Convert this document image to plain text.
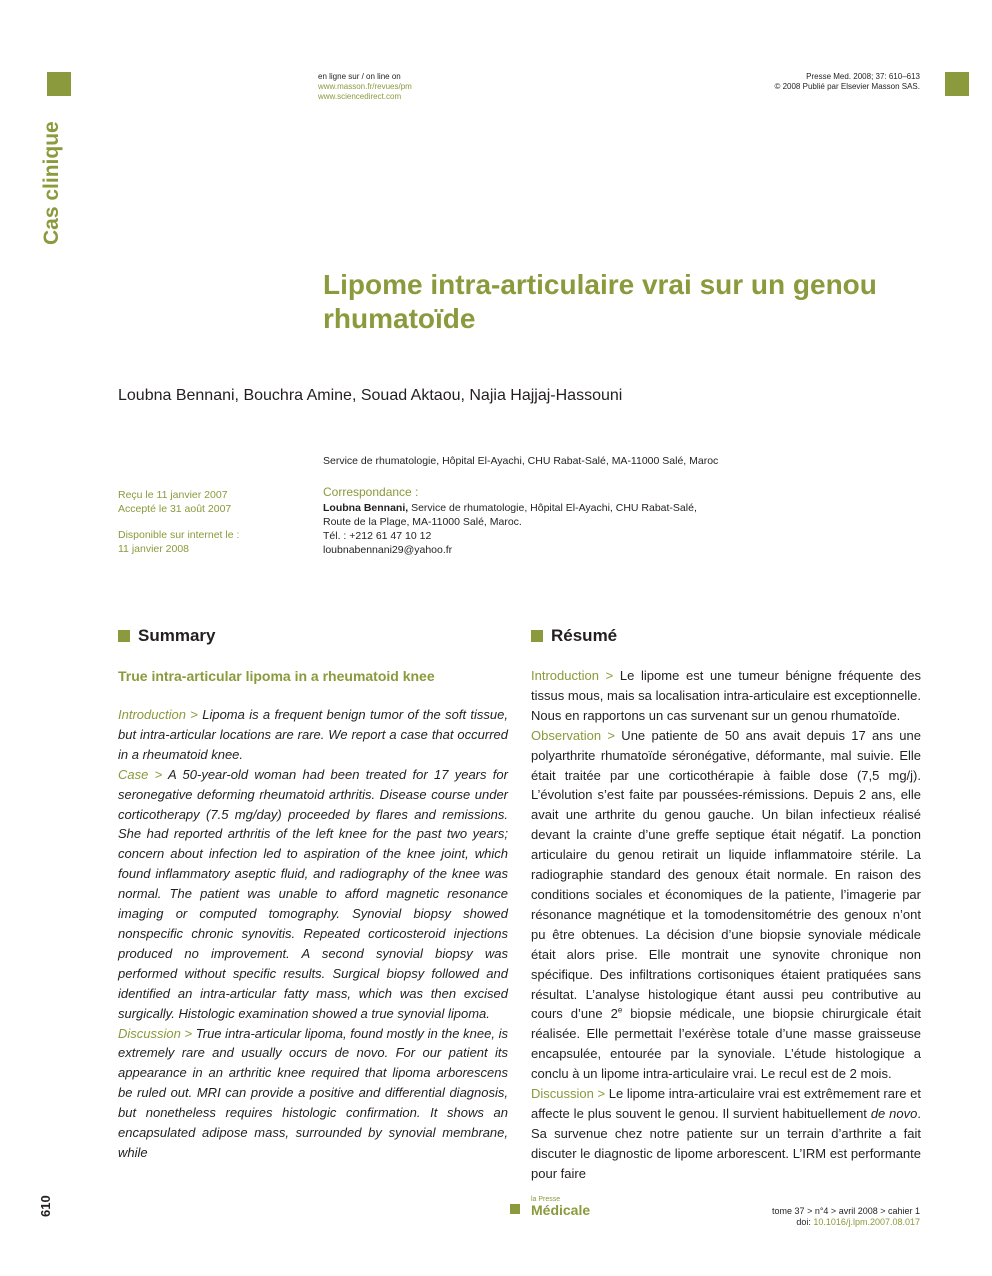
Cas clinique
en ligne sur / on line on
www.masson.fr/revues/pm
www.sciencedirect.com
Presse Med. 2008; 37: 610–613
© 2008 Publié par Elsevier Masson SAS.
Lipome intra-articulaire vrai sur un genou rhumatoïde
Loubna Bennani, Bouchra Amine, Souad Aktaou, Najia Hajjaj-Hassouni
Service de rhumatologie, Hôpital El-Ayachi, CHU Rabat-Salé, MA-11000 Salé, Maroc
Reçu le 11 janvier 2007
Accepté le 31 août 2007
Disponible sur internet le :
11 janvier 2008
Correspondance :
Loubna Bennani, Service de rhumatologie, Hôpital El-Ayachi, CHU Rabat-Salé,
Route de la Plage, MA-11000 Salé, Maroc.
Tél. : +212 61 47 10 12
loubnabennani29@yahoo.fr
Summary
True intra-articular lipoma in a rheumatoid knee

Introduction > Lipoma is a frequent benign tumor of the soft tissue, but intra-articular locations are rare. We report a case that occurred in a rheumatoid knee.

Case > A 50-year-old woman had been treated for 17 years for seronegative deforming rheumatoid arthritis. Disease course under corticotherapy (7.5 mg/day) proceeded by flares and remissions. She had reported arthritis of the left knee for the past two years; concern about infection led to aspiration of the knee joint, which found inflammatory aseptic fluid, and radiography of the knee was normal. The patient was unable to afford magnetic resonance imaging or computed tomography. Synovial biopsy showed nonspecific chronic synovitis. Repeated corticosteroid injections produced no improvement. A second synovial biopsy was performed without specific results. Surgical biopsy followed and identified an intra-articular fatty mass, which was then excised surgically. Histologic examination showed a true synovial lipoma.

Discussion > True intra-articular lipoma, found mostly in the knee, is extremely rare and usually occurs de novo. For our patient its appearance in an arthritic knee required that lipoma arborescens be ruled out. MRI can provide a positive and differential diagnosis, but nonetheless requires histologic confirmation. It shows an encapsulated adipose mass, surrounded by synovial membrane, while

Résumé

Introduction > Le lipome est une tumeur bénigne fréquente des tissus mous, mais sa localisation intra-articulaire est exceptionnelle. Nous en rapportons un cas survenant sur un genou rhumatoïde.

Observation > Une patiente de 50 ans avait depuis 17 ans une polyarthrite rhumatoïde séronégative, déformante, mal suivie. Elle était traitée par une corticothérapie à faible dose (7,5 mg/j). L’évolution s’est faite par poussées-rémissions. Depuis 2 ans, elle avait une arthrite du genou gauche. Un bilan infectieux réalisé devant la crainte d’une greffe septique était négatif. La ponction articulaire du genou retirait un liquide inflammatoire stérile. La radiographie standard des genoux était normale. En raison des conditions sociales et économiques de la patiente, l’imagerie par résonance magnétique et la tomodensitométrie des genoux n’ont pu être obtenues. La décision d’une biopsie synoviale médicale était alors prise. Elle montrait une synovite chronique non spécifique. Des infiltrations cortisoniques étaient pratiquées sans résultat. L’analyse histologique étant aussi peu contributive au cours d’une 2e biopsie médicale, une biopsie chirurgicale était réalisée. Elle permettait l’exérèse totale d’une masse graisseuse encapsulée, entourée par la synoviale. L’étude histologique a conclu à un lipome intra-articulaire vrai. Le recul est de 2 mois.

Discussion > Le lipome intra-articulaire vrai est extrêmement rare et affecte le plus souvent le genou. Il survient habituellement de novo. Sa survenue chez notre patiente sur un terrain d’arthrite a fait discuter le diagnostic de lipome arborescent. L’IRM est performante pour faire

610	la Presse
Médicale	tome 37 > n°4 > avril 2008 > cahier 1
doi: 10.1016/j.lpm.2007.08.017
